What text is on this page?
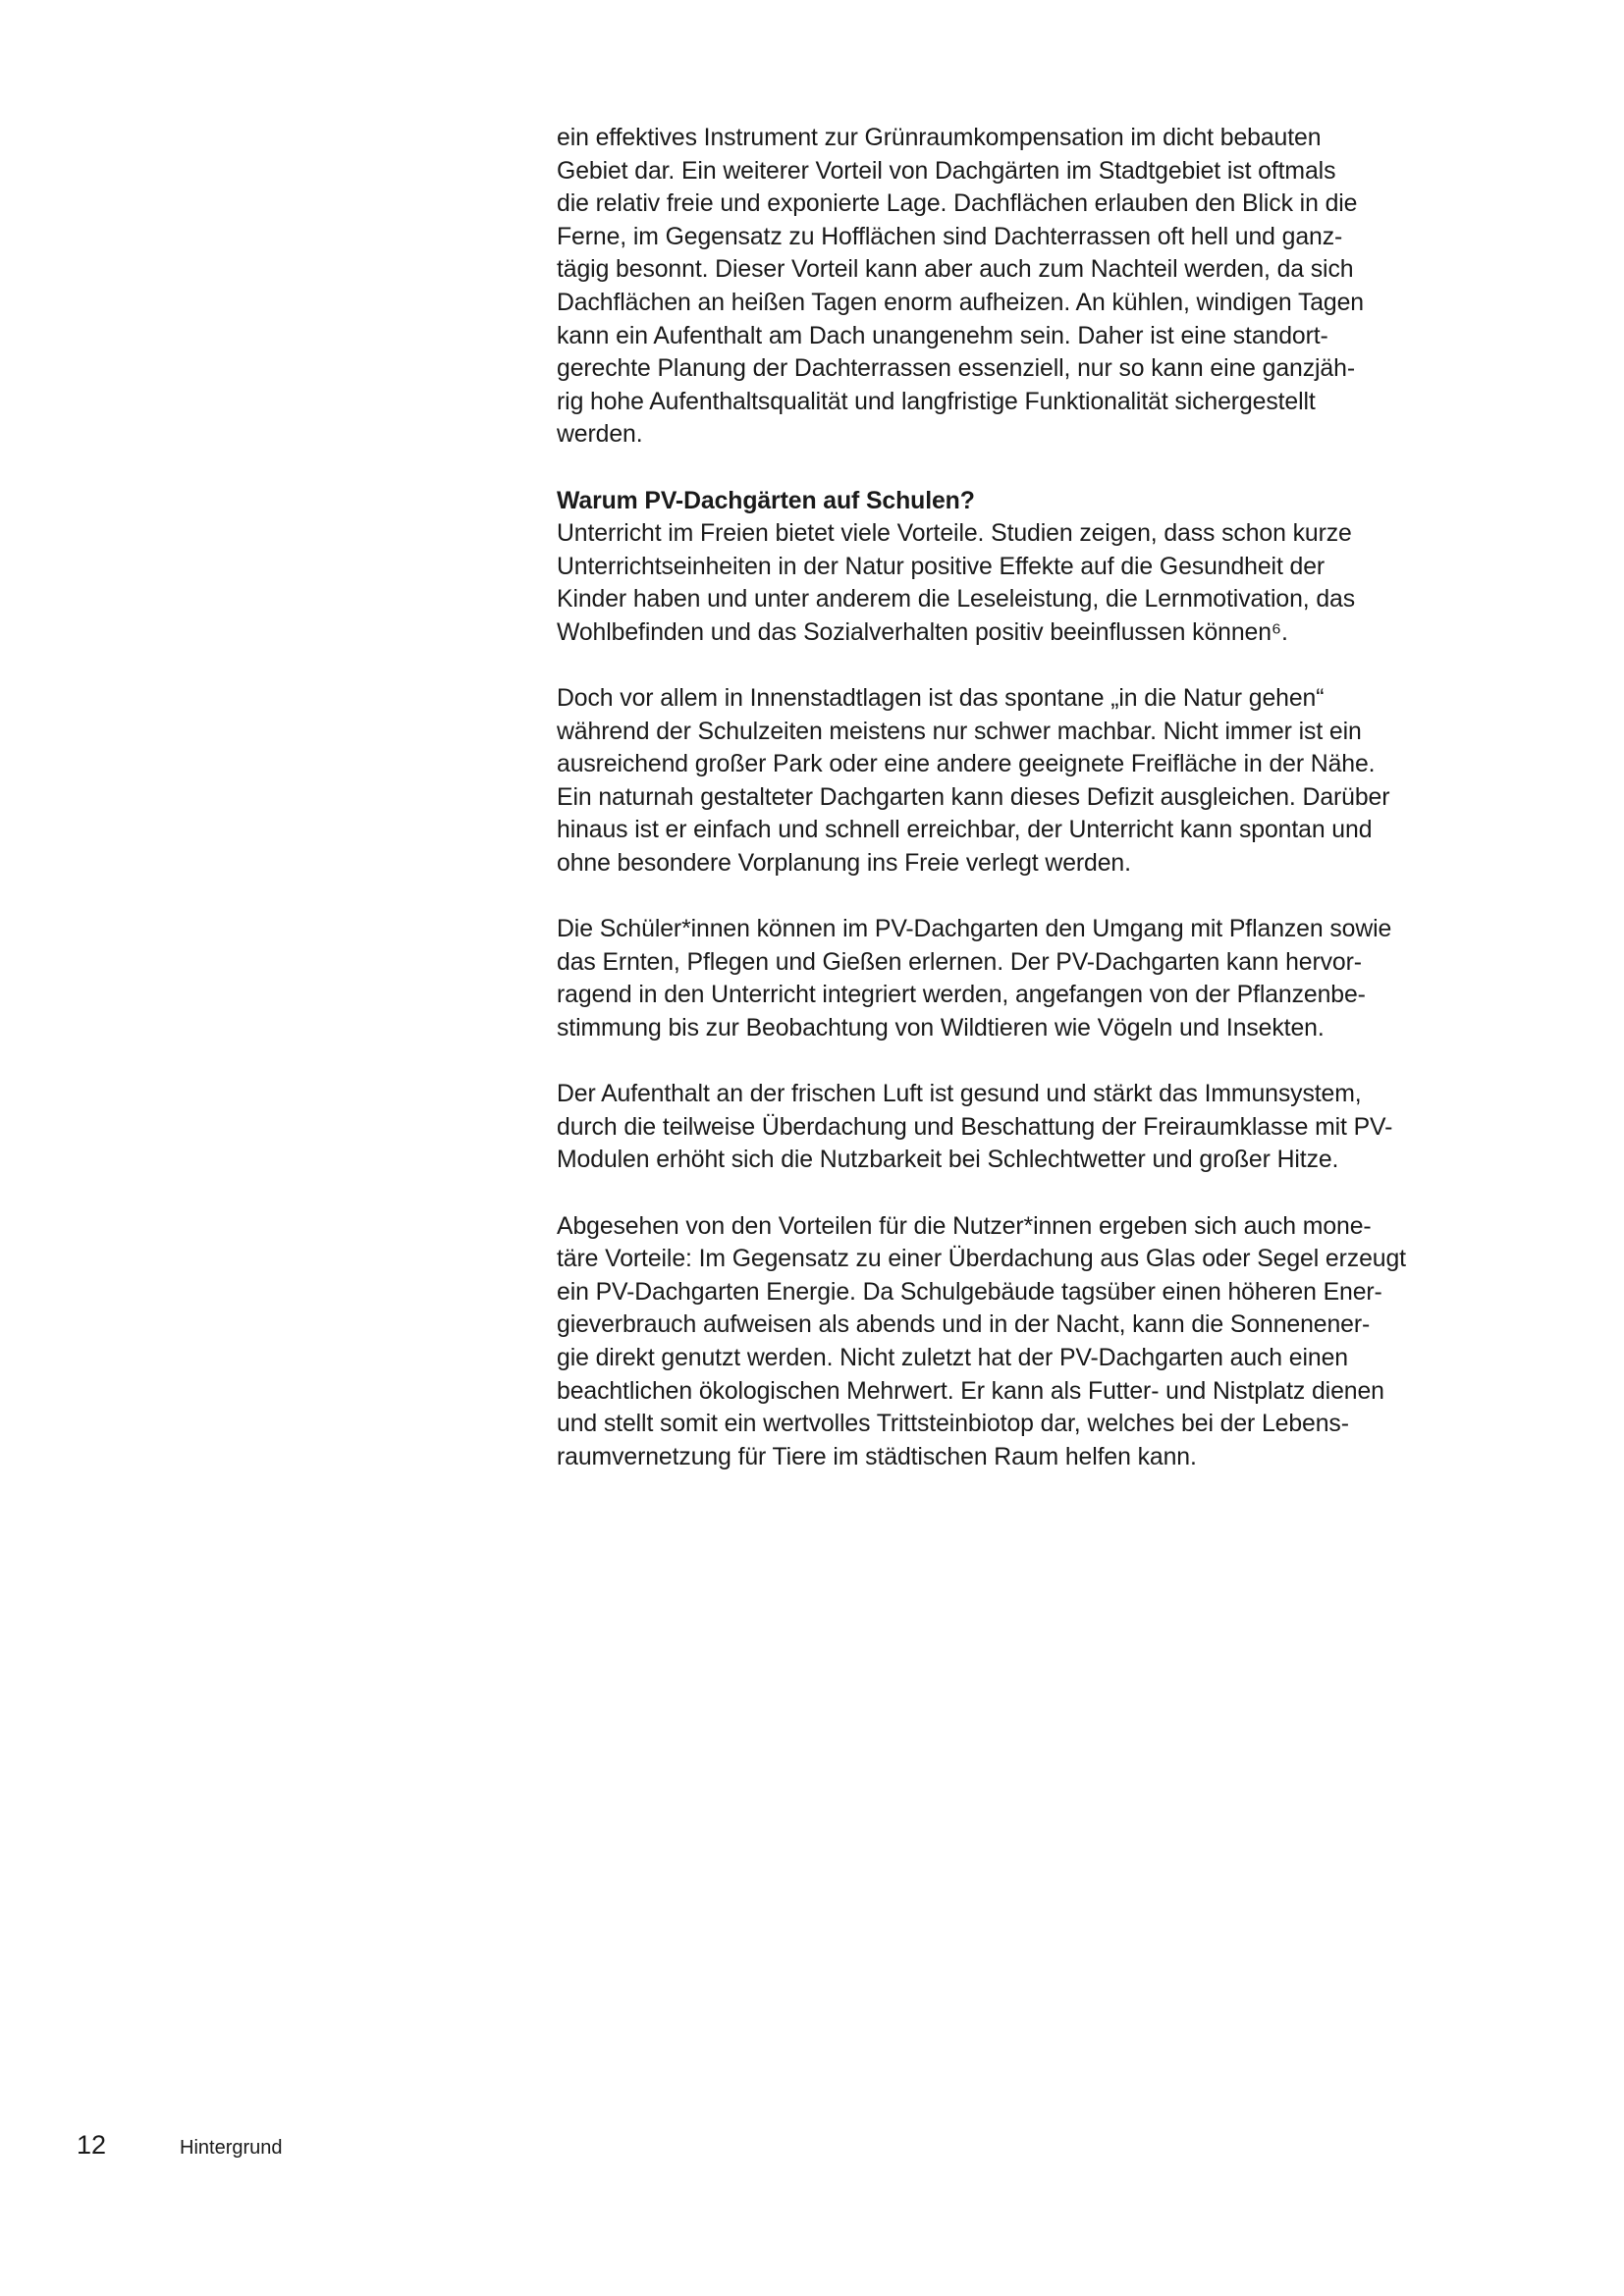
ein effektives Instrument zur Grünraumkompensation im dicht bebauten
Gebiet dar. Ein weiterer Vorteil von Dachgärten im Stadtgebiet ist oftmals
die relativ freie und exponierte Lage. Dachflächen erlauben den Blick in die
Ferne, im Gegensatz zu Hofflächen sind Dachterrassen oft hell und ganz-
tägig besonnt. Dieser Vorteil kann aber auch zum Nachteil werden, da sich
Dachflächen an heißen Tagen enorm aufheizen. An kühlen, windigen Tagen
kann ein Aufenthalt am Dach unangenehm sein. Daher ist eine standort-
gerechte Planung der Dachterrassen essenziell, nur so kann eine ganzjäh-
rig hohe Aufenthaltsqualität und langfristige Funktionalität sichergestellt
werden.

Warum PV-Dachgärten auf Schulen?
Unterricht im Freien bietet viele Vorteile. Studien zeigen, dass schon kurze
Unterrichtseinheiten in der Natur positive Effekte auf die Gesundheit der
Kinder haben und unter anderem die Leseleistung, die Lernmotivation, das
Wohlbefinden und das Sozialverhalten positiv beeinflussen können⁶.

Doch vor allem in Innenstadtlagen ist das spontane „in die Natur gehen“
während der Schulzeiten meistens nur schwer machbar. Nicht immer ist ein
ausreichend großer Park oder eine andere geeignete Freifläche in der Nähe.
Ein naturnah gestalteter Dachgarten kann dieses Defizit ausgleichen. Darüber
hinaus ist er einfach und schnell erreichbar, der Unterricht kann spontan und
ohne besondere Vorplanung ins Freie verlegt werden.

Die Schüler*innen können im PV-Dachgarten den Umgang mit Pflanzen sowie
das Ernten, Pflegen und Gießen erlernen. Der PV-Dachgarten kann hervor-
ragend in den Unterricht integriert werden, angefangen von der Pflanzenbe-
stimmung bis zur Beobachtung von Wildtieren wie Vögeln und Insekten.

Der Aufenthalt an der frischen Luft ist gesund und stärkt das Immunsystem,
durch die teilweise Überdachung und Beschattung der Freiraumklasse mit PV-
Modulen erhöht sich die Nutzbarkeit bei Schlechtwetter und großer Hitze.

Abgesehen von den Vorteilen für die Nutzer*innen ergeben sich auch mone-
täre Vorteile: Im Gegensatz zu einer Überdachung aus Glas oder Segel erzeugt
ein PV-Dachgarten Energie. Da Schulgebäude tagsüber einen höheren Ener-
gieverbrauch aufweisen als abends und in der Nacht, kann die Sonnenener-
gie direkt genutzt werden. Nicht zuletzt hat der PV-Dachgarten auch einen
beachtlichen ökologischen Mehrwert. Er kann als Futter- und Nistplatz dienen
und stellt somit ein wertvolles Trittsteinbiotop dar, welches bei der Lebens-
raumvernetzung für Tiere im städtischen Raum helfen kann.

12	Hintergrund
